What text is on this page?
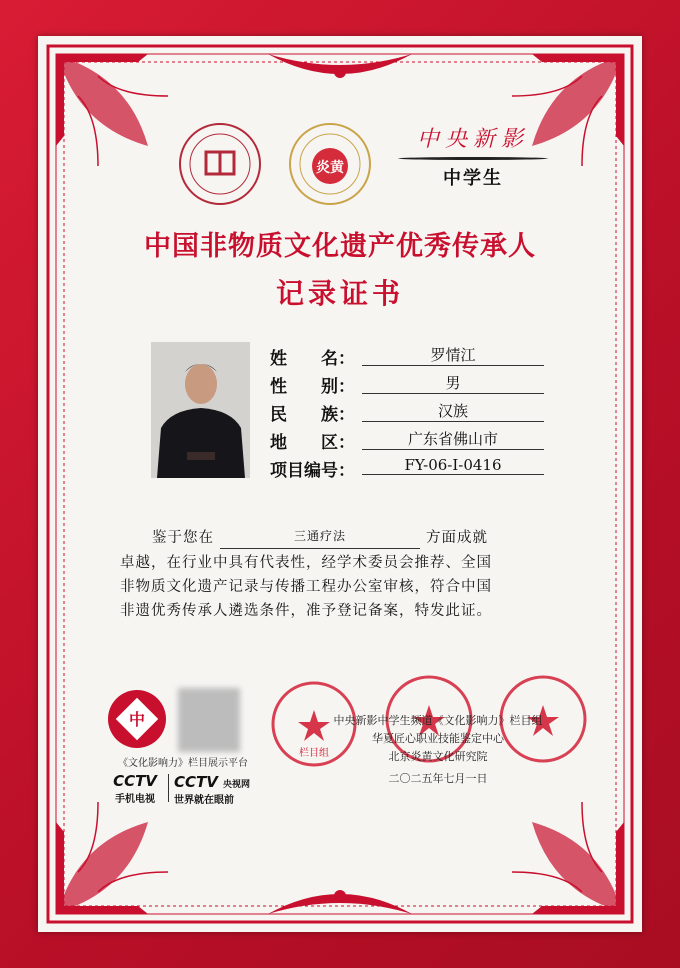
炎黄
中央新影
中学生
中国非物质文化遗产优秀传承人
记录证书
姓　　名：	罗情江
性　　别：	男
民　　族：	汉族
地　　区：	广东省佛山市
项目编号：	FY-06-I-0416
鉴于您在	三通疗法	方面成就
卓越，在行业中具有代表性，经学术委员会推荐、全国
非物质文化遗产记录与传播工程办公室审核，符合中国
非遗优秀传承人遴选条件，准予登记备案，特发此证。
中
《文化影响力》栏目展示平台
CCTV
手机电视
CCTV 央视网
世界就在眼前
栏目组
中央新影中学生频道《文化影响力》栏目组
华夏匠心职业技能鉴定中心
北京炎黄文化研究院
二〇二五年七月一日
